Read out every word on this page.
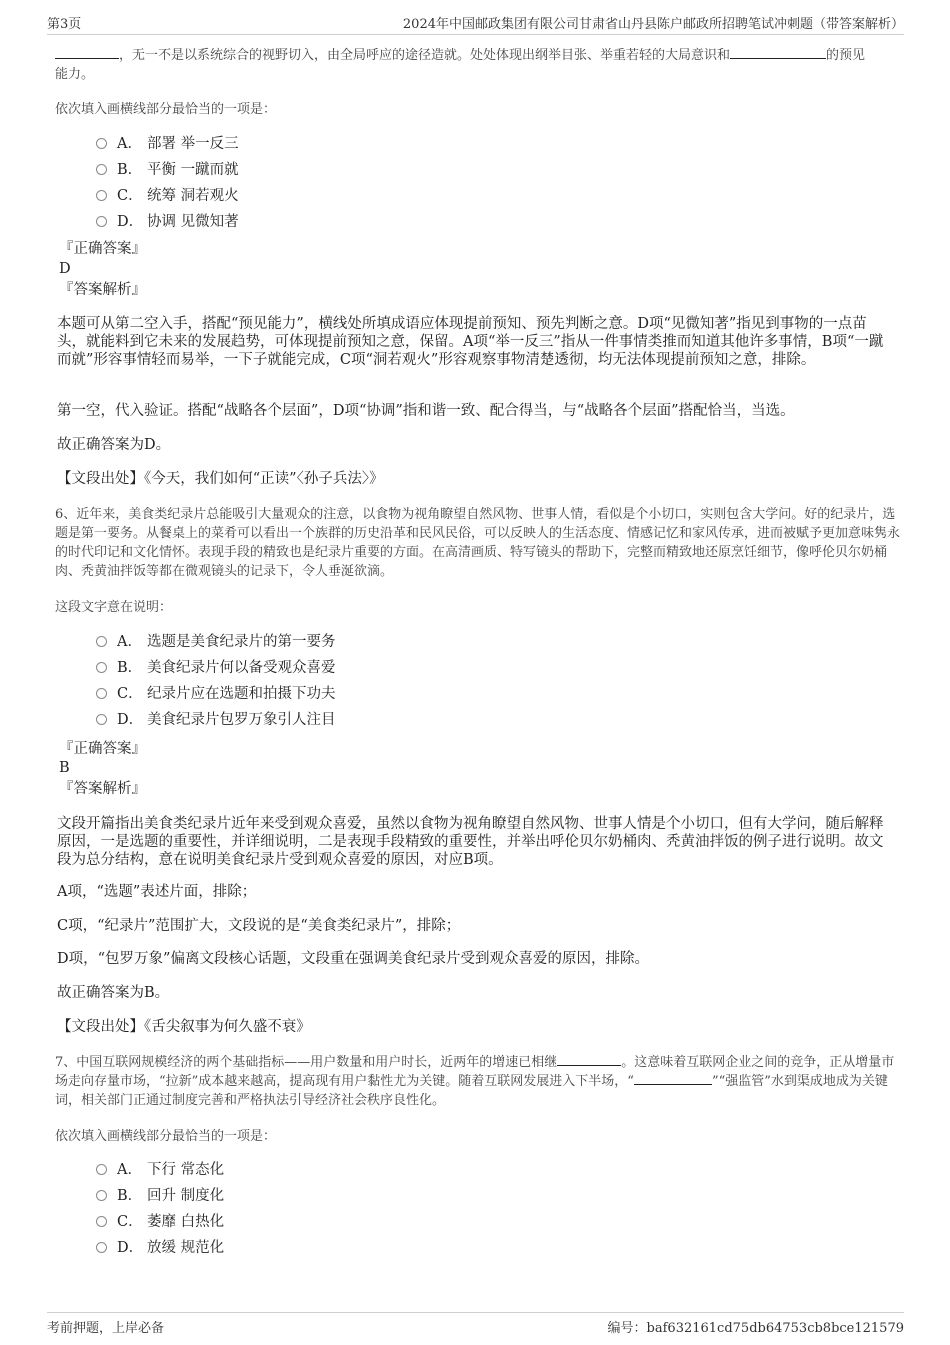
第3页	2024年中国邮政集团有限公司甘肃省山丹县陈户邮政所招聘笔试冲刺题（带答案解析）
，无一不是以系统综合的视野切入，由全局呼应的途径造就。处处体现出纲举目张、举重若轻的大局意识和	的预见
能力。
依次填入画横线部分最恰当的一项是：
A． 部署 举一反三
B． 平衡 一蹴而就
C． 统筹 洞若观火
D． 协调 见微知著
『正确答案』
D
『答案解析』
本题可从第二空入手，搭配“预见能力”，横线处所填成语应体现提前预知、预先判断之意。D项“见微知著”指见到事物的一点苗头，就能料到它未来的发展趋势，可体现提前预知之意，保留。A项“举一反三”指从一件事情类推而知道其他许多事情，B项“一蹴而就”形容事情轻而易举，一下子就能完成，C项“洞若观火”形容观察事物清楚透彻，均无法体现提前预知之意，排除。
第一空，代入验证。搭配“战略各个层面”，D项“协调”指和谐一致、配合得当，与“战略各个层面”搭配恰当，当选。
故正确答案为D。
【文段出处】《今天，我们如何“正读”〈孙子兵法〉》
6、近年来，美食类纪录片总能吸引大量观众的注意，以食物为视角瞭望自然风物、世事人情，看似是个小切口，实则包含大学问。好的纪录片，选题是第一要务。从餐桌上的菜肴可以看出一个族群的历史沿革和民风民俗，可以反映人的生活态度、情感记忆和家风传承，进而被赋予更加意味隽永的时代印记和文化情怀。表现手段的精致也是纪录片重要的方面。在高清画质、特写镜头的帮助下，完整而精致地还原烹饪细节，像呼伦贝尔奶桶肉、秃黄油拌饭等都在微观镜头的记录下，令人垂涎欲滴。
这段文字意在说明：
A． 选题是美食纪录片的第一要务
B． 美食纪录片何以备受观众喜爱
C． 纪录片应在选题和拍摄下功夫
D． 美食纪录片包罗万象引人注目
『正确答案』
B
『答案解析』
文段开篇指出美食类纪录片近年来受到观众喜爱，虽然以食物为视角瞭望自然风物、世事人情是个小切口，但有大学问，随后解释原因，一是选题的重要性，并详细说明，二是表现手段精致的重要性，并举出呼伦贝尔奶桶肉、秃黄油拌饭的例子进行说明。故文段为总分结构，意在说明美食纪录片受到观众喜爱的原因，对应B项。
A项，“选题”表述片面，排除；
C项，“纪录片”范围扩大，文段说的是“美食类纪录片”，排除；
D项，“包罗万象”偏离文段核心话题，文段重在强调美食纪录片受到观众喜爱的原因，排除。
故正确答案为B。
【文段出处】《舌尖叙事为何久盛不衰》
7、中国互联网规模经济的两个基础指标——用户数量和用户时长，近两年的增速已相继	。这意味着互联网企业之间的竞争，正从增量市场走向存量市场，“拉新”成本越来越高，提高现有用户黏性尤为关键。随着互联网发展进入下半场，“	”“强监管”水到渠成地成为关键词，相关部门正通过制度完善和严格执法引导经济社会秩序良性化。
依次填入画横线部分最恰当的一项是：
A． 下行 常态化
B． 回升 制度化
C． 萎靡 白热化
D． 放缓 规范化
考前押题，上岸必备	编号：baf632161cd75db64753cb8bce121579
